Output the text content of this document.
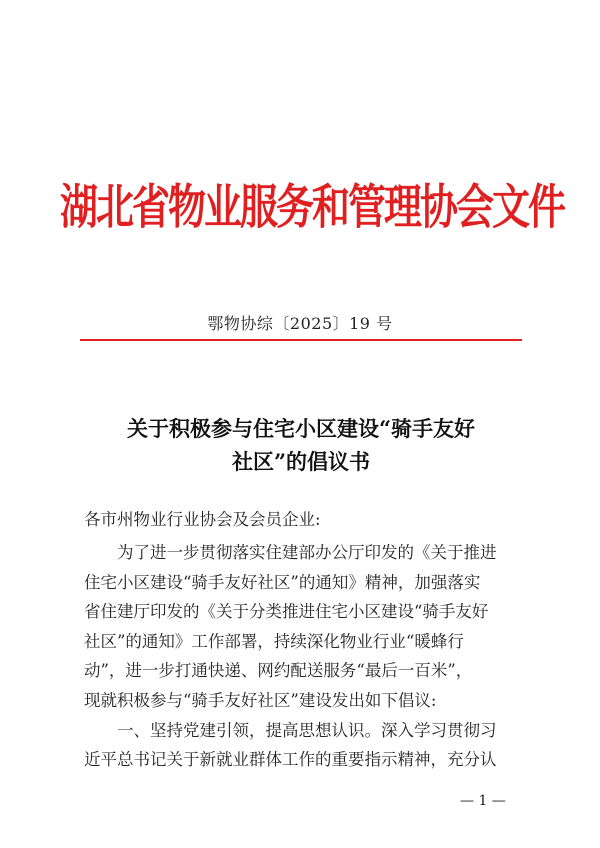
湖北省物业服务和管理协会文件
鄂物协综〔2025〕19 号
关于积极参与住宅小区建设“骑手友好
社区”的倡议书
各市州物业行业协会及会员企业:
为了进一步贯彻落实住建部办公厅印发的《关于推进
住宅小区建设“骑手友好社区”的通知》精神，加强落实
省住建厅印发的《关于分类推进住宅小区建设“骑手友好
社区”的通知》工作部署，持续深化物业行业“暖蜂行
动”，进一步打通快递、网约配送服务“最后一百米”，
现就积极参与“骑手友好社区”建设发出如下倡议:
一、坚持党建引领，提高思想认识。深入学习贯彻习
近平总书记关于新就业群体工作的重要指示精神，充分认
— 1 —
